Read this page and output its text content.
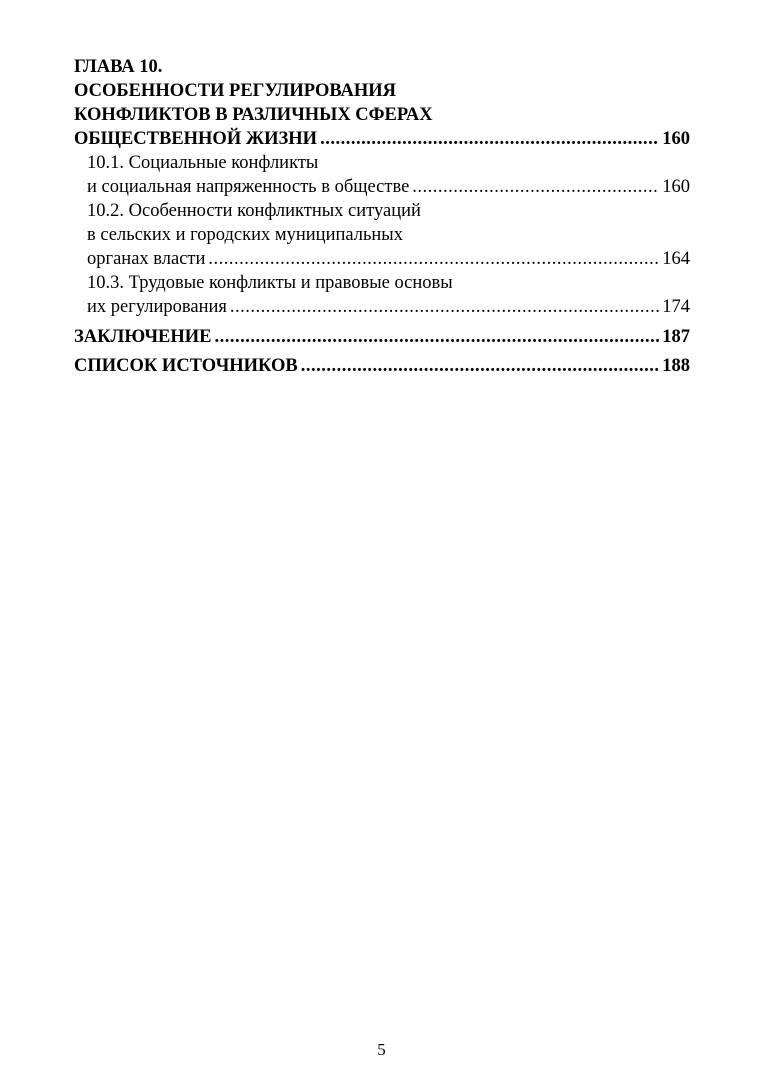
ГЛАВА 10.
ОСОБЕННОСТИ РЕГУЛИРОВАНИЯ
КОНФЛИКТОВ В РАЗЛИЧНЫХ СФЕРАХ
ОБЩЕСТВЕННОЙ ЖИЗНИ .....	160
10.1. Социальные конфликты
и социальная напряженность в обществе .....	160
10.2. Особенности конфликтных ситуаций
в сельских и городских муниципальных
органах власти .....	164
10.3. Трудовые конфликты и правовые основы
их регулирования .....	174
ЗАКЛЮЧЕНИЕ .....	187
СПИСОК ИСТОЧНИКОВ .....	188
5
